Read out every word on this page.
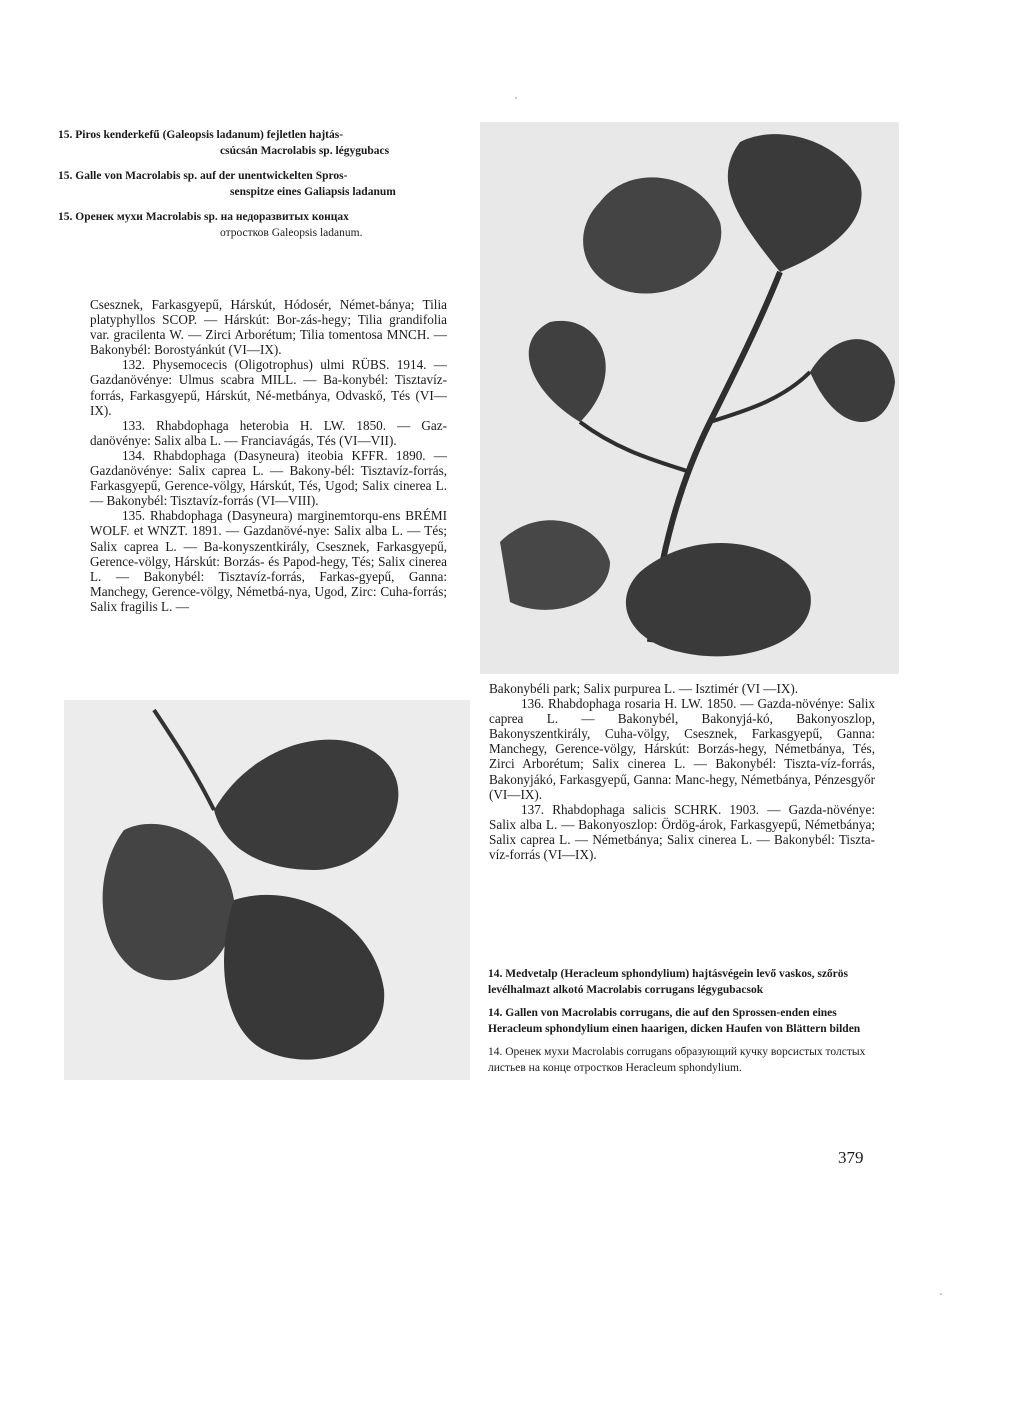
15. Piros kenderkefű (Galeopsis ladanum) fejletlen hajtás-
csúcsán Macrolabis sp. légygubacs
15. Galle von Macrolabis sp. auf der unentwickelten Spros-
senspitze eines Galiapsis ladanum
15. Оренек мухи Macrolabis sp. на недоразвитых концах
отростков Galeopsis ladanum.

Csesznek, Farkasgyepű, Hárskút, Hódosér, Német-bánya; Tilia platyphyllos SCOP. — Hárskút: Bor-zás-hegy; Tilia grandifolia var. gracilenta W. — Zirci Arborétum; Tilia tomentosa MNCH. — Bakonybél: Borostyánkút (VI—IX).

132. Physemocecis (Oligotrophus) ulmi RÜBS. 1914. — Gazdanövénye: Ulmus scabra MILL. — Ba-konybél: Tisztavíz-forrás, Farkasgyepű, Hárskút, Né-metbánya, Odvaskő, Tés (VI—IX).

133. Rhabdophaga heterobia H. LW. 1850. — Gaz-danövénye: Salix alba L. — Franciavágás, Tés (VI—VII).

134. Rhabdophaga (Dasyneura) iteobia KFFR. 1890. — Gazdanövénye: Salix caprea L. — Bakony-bél: Tisztavíz-forrás, Farkasgyepű, Gerence-völgy, Hárskút, Tés, Ugod; Salix cinerea L. — Bakonybél: Tisztavíz-forrás (VI—VIII).

135. Rhabdophaga (Dasyneura) marginemtorqu-ens BRÉMI WOLF. et WNZT. 1891. — Gazdanövé-nye: Salix alba L. — Tés; Salix caprea L. — Ba-konyszentkirály, Csesznek, Farkasgyepű, Gerence-völgy, Hárskút: Borzás- és Papod-hegy, Tés; Salix cinerea L. — Bakonybél: Tisztavíz-forrás, Farkas-gyepű, Ganna: Manchegy, Gerence-völgy, Németbá-nya, Ugod, Zirc: Cuha-forrás; Salix fragilis L. —

Bakonybéli park; Salix purpurea L. — Isztimér (VI —IX).

136. Rhabdophaga rosaria H. LW. 1850. — Gazda-növénye: Salix caprea L. — Bakonybél, Bakonyjá-kó, Bakonyoszlop, Bakonyszentkirály, Cuha-völgy, Csesznek, Farkasgyepű, Ganna: Manchegy, Gerence-völgy, Hárskút: Borzás-hegy, Németbánya, Tés, Zirci Arborétum; Salix cinerea L. — Bakonybél: Tiszta-víz-forrás, Bakonyjákó, Farkasgyepű, Ganna: Manc-hegy, Németbánya, Pénzesgyőr (VI—IX).

137. Rhabdophaga salicis SCHRK. 1903. — Gazda-növénye: Salix alba L. — Bakonyoszlop: Ördög-árok, Farkasgyepű, Németbánya; Salix caprea L. — Németbánya; Salix cinerea L. — Bakonybél: Tiszta-víz-forrás (VI—IX).

14. Medvetalp (Heracleum sphondylium) hajtásvégein levő vaskos, szőrös levélhalmazt alkotó Macrolabis corrugans légygubacsok
14. Gallen von Macrolabis corrugans, die auf den Sprossen-enden eines Heracleum sphondylium einen haarigen, dicken Haufen von Blättern bilden
14. Оренек мухи Macrolabis corrugans образующий кучку ворсистых толстых листьев на конце отростков Heracleum sphondylium.
379
